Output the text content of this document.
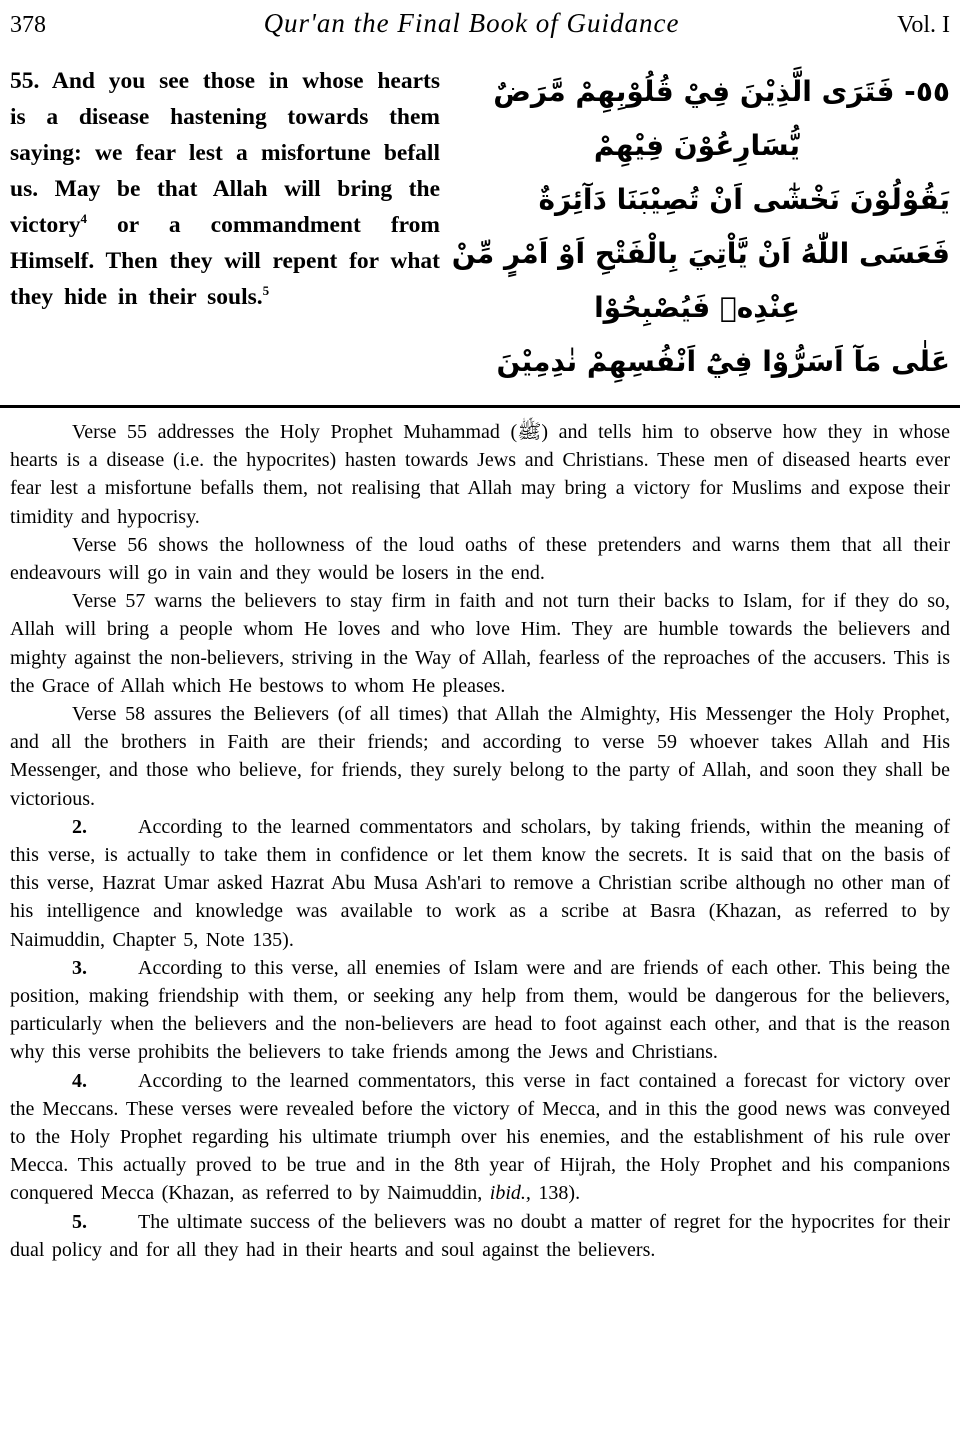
378	Qur'an the Final Book of Guidance	Vol. I
55. And you see those in whose hearts is a disease hastening towards them saying: we fear lest a misfortune befall us. May be that Allah will bring the victory$^4$ or a commandment from Himself. Then they will repent for what they hide in their souls.$^5$
٥٥- فَتَرَى الَّذِيْنَ فِيْ قُلُوْبِهِمْ مَّرَضٌ
يُّسَارِعُوْنَ فِيْهِمْ
يَقُوْلُوْنَ نَخْشٰٓى اَنْ تُصِيْبَنَا دَآئِرَةٌ
فَعَسَى اللّٰهُ اَنْ يَّاْتِيَ بِالْفَتْحِ اَوْ اَمْرٍ مِّنْ
عِنْدِهٖ فَيُصْبِحُوْا
عَلٰى مَآ اَسَرُّوْا فِيْٓ اَنْفُسِهِمْ نٰدِمِيْنَ

Verse 55 addresses the Holy Prophet Muhammad (ﷺ) and tells him to observe how they in whose hearts is a disease (i.e. the hypocrites) hasten towards Jews and Christians. These men of diseased hearts ever fear lest a misfortune befalls them, not realising that Allah may bring a victory for Muslims and expose their timidity and hypocrisy.

Verse 56 shows the hollowness of the loud oaths of these pretenders and warns them that all their endeavours will go in vain and they would be losers in the end.

Verse 57 warns the believers to stay firm in faith and not turn their backs to Islam, for if they do so, Allah will bring a people whom He loves and who love Him. They are humble towards the believers and mighty against the non-believers, striving in the Way of Allah, fearless of the reproaches of the accusers. This is the Grace of Allah which He bestows to whom He pleases.

Verse 58 assures the Believers (of all times) that Allah the Almighty, His Messenger the Holy Prophet, and all the brothers in Faith are their friends; and according to verse 59 whoever takes Allah and His Messenger, and those who believe, for friends, they surely belong to the party of Allah, and soon they shall be victorious.

2.	According to the learned commentators and scholars, by taking friends, within the meaning of this verse, is actually to take them in confidence or let them know the secrets. It is said that on the basis of this verse, Hazrat Umar asked Hazrat Abu Musa Ash'ari to remove a Christian scribe although no other man of his intelligence and knowledge was available to work as a scribe at Basra (Khazan, as referred to by Naimuddin, Chapter 5, Note 135).

3.	According to this verse, all enemies of Islam were and are friends of each other. This being the position, making friendship with them, or seeking any help from them, would be dangerous for the believers, particularly when the believers and the non-believers are head to foot against each other, and that is the reason why this verse prohibits the believers to take friends among the Jews and Christians.

4.	According to the learned commentators, this verse in fact contained a forecast for victory over the Meccans. These verses were revealed before the victory of Mecca, and in this the good news was conveyed to the Holy Prophet regarding his ultimate triumph over his enemies, and the establishment of his rule over Mecca. This actually proved to be true and in the 8th year of Hijrah, the Holy Prophet and his companions conquered Mecca (Khazan, as referred to by Naimuddin, ibid., 138).

5.	The ultimate success of the believers was no doubt a matter of regret for the hypocrites for their dual policy and for all they had in their hearts and soul against the believers.
